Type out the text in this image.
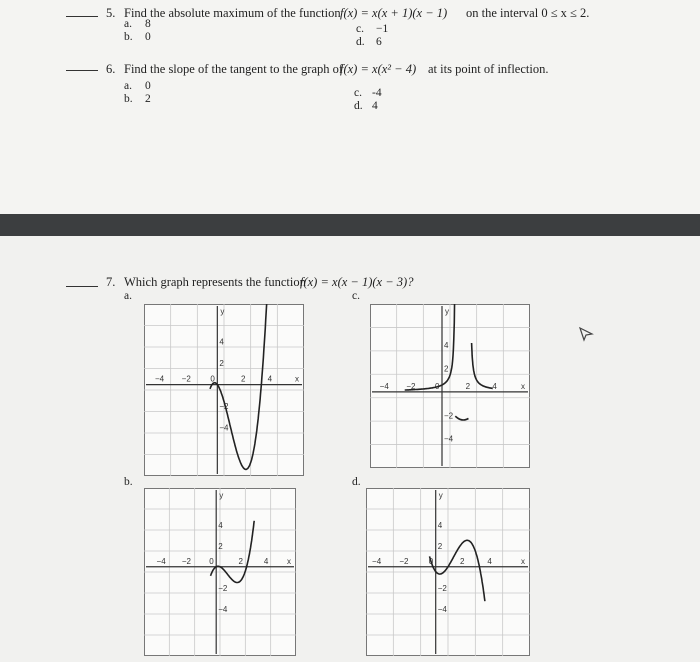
5. Find the absolute maximum of the function f(x) = x(x + 1)(x − 1) on the interval 0 ≤ x ≤ 2.
a. 8
b. 0
c. −1
d. 6
6. Find the slope of the tangent to the graph of
f(x) = x(x² − 4) at its point of inflection.
a. 0
b. 2	c. -4
d. 4
7. Which graph represents the function
f(x) = x(x − 1)(x − 3)?
a.	c.
b.	d.
y
x
−4 −2 0	2	4
4
2
−2
−4
y
x
−4 −2 0	2	4
4
2
−2
−4
y
x
−4 −2 0	2	4
4
2
−2
−4
y
x
−4 −2	0	2	4
4
2
−2
−4
